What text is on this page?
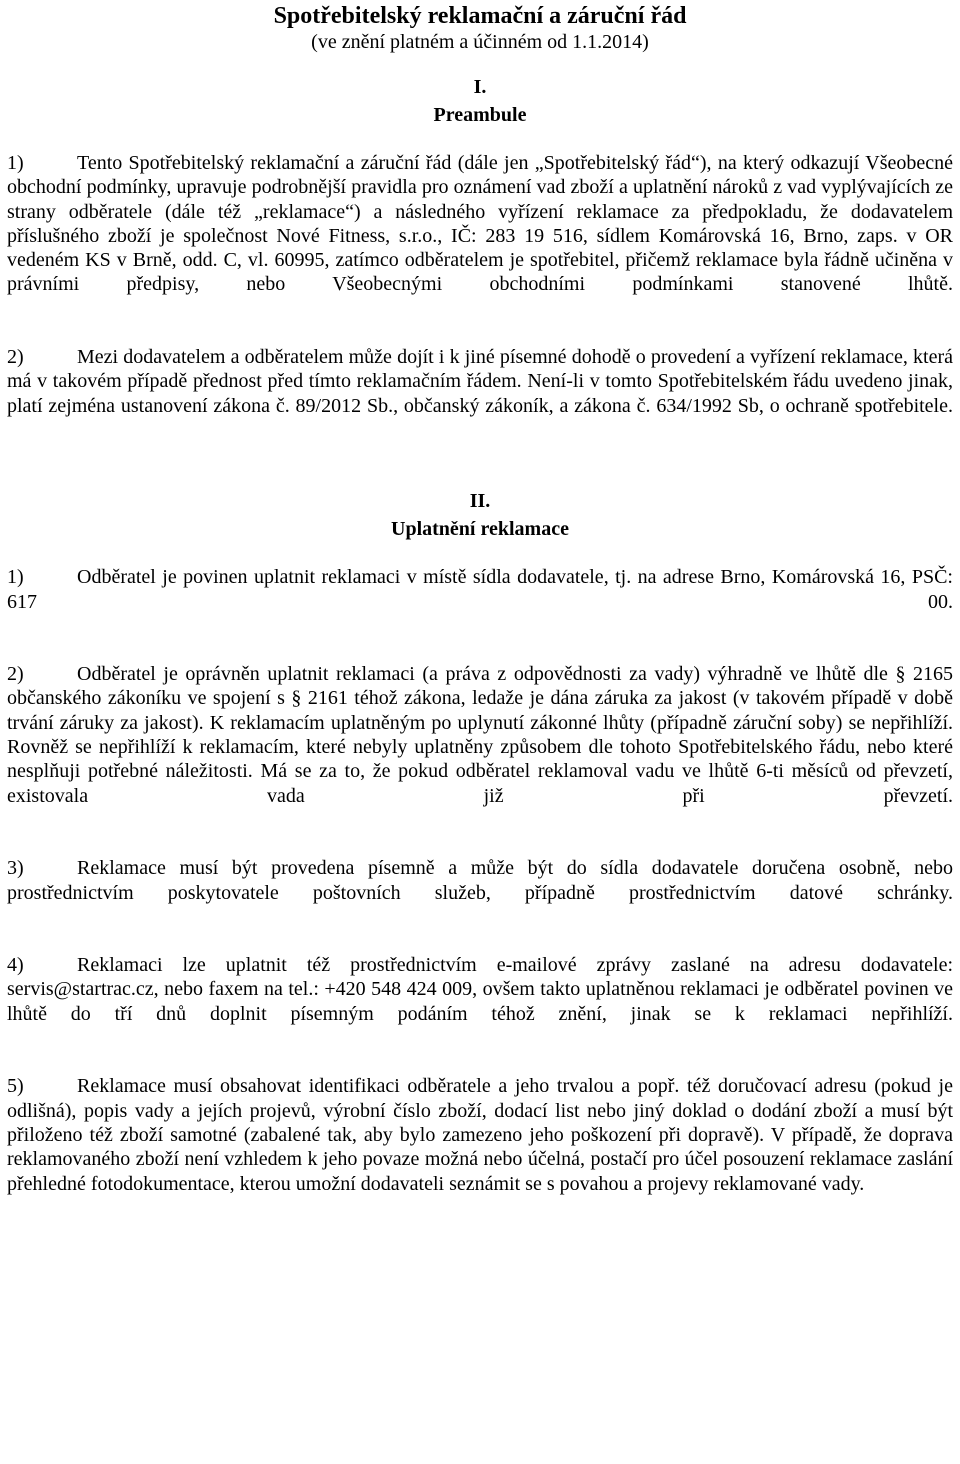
Spotřebitelský reklamační a záruční řád
(ve znění platném a účinném od 1.1.2014)
I.
Preambule

1)	Tento Spotřebitelský reklamační a záruční řád (dále jen „Spotřebitelský řád“), na který odkazují Všeobecné obchodní podmínky, upravuje podrobnější pravidla pro oznámení vad zboží a uplatnění nároků z vad vyplývajících ze strany odběratele (dále též „reklamace“) a následného vyřízení reklamace za předpokladu, že dodavatelem příslušného zboží je společnost Nové Fitness, s.r.o., IČ: 283 19 516, sídlem Komárovská 16, Brno, zaps. v OR vedeném KS v Brně, odd. C, vl. 60995, zatímco odběratelem je spotřebitel, přičemž reklamace byla řádně učiněna v právními předpisy, nebo Všeobecnými obchodními podmínkami stanovené lhůtě.

2)	Mezi dodavatelem a odběratelem může dojít i k jiné písemné dohodě o provedení a vyřízení reklamace, která má v takovém případě přednost před tímto reklamačním řádem. Není-li v tomto Spotřebitelském řádu uvedeno jinak, platí zejména ustanovení zákona č. 89/2012 Sb., občanský zákoník, a zákona č. 634/1992 Sb, o ochraně spotřebitele.

II.
Uplatnění reklamace

1)	Odběratel je povinen uplatnit reklamaci v místě sídla dodavatele, tj. na adrese Brno, Komárovská 16, PSČ: 617 00.

2)	Odběratel je oprávněn uplatnit reklamaci (a práva z odpovědnosti za vady) výhradně ve lhůtě dle § 2165 občanského zákoníku ve spojení s § 2161 téhož zákona, ledaže je dána záruka za jakost (v takovém případě v době trvání záruky za jakost). K reklamacím uplatněným po uplynutí zákonné lhůty (případně záruční soby) se nepřihlíží. Rovněž se nepřihlíží k reklamacím, které nebyly uplatněny způsobem dle tohoto Spotřebitelského řádu, nebo které nesplňuji potřebné náležitosti. Má se za to, že pokud odběratel reklamoval vadu ve lhůtě 6-ti měsíců od převzetí, existovala vada již při převzetí.

3)	Reklamace musí být provedena písemně a může být do sídla dodavatele doručena osobně, nebo prostřednictvím poskytovatele poštovních služeb, případně prostřednictvím datové schránky.

4)	Reklamaci lze uplatnit též prostřednictvím e-mailové zprávy zaslané na adresu dodavatele: servis@startrac.cz, nebo faxem na tel.: +420 548 424 009, ovšem takto uplatněnou reklamaci je odběratel povinen ve lhůtě do tří dnů doplnit písemným podáním téhož znění, jinak se k reklamaci nepřihlíží.

5)	Reklamace musí obsahovat identifikaci odběratele a jeho trvalou a popř. též doručovací adresu (pokud je odlišná), popis vady a jejích projevů, výrobní číslo zboží, dodací list nebo jiný doklad o dodání zboží a musí být přiloženo též zboží samotné (zabalené tak, aby bylo zamezeno jeho poškození při dopravě). V případě, že doprava reklamovaného zboží není vzhledem k jeho povaze možná nebo účelná, postačí pro účel posouzení reklamace zaslání přehledné fotodokumentace, kterou umožní dodavateli seznámit se s povahou a projevy reklamované vady.
